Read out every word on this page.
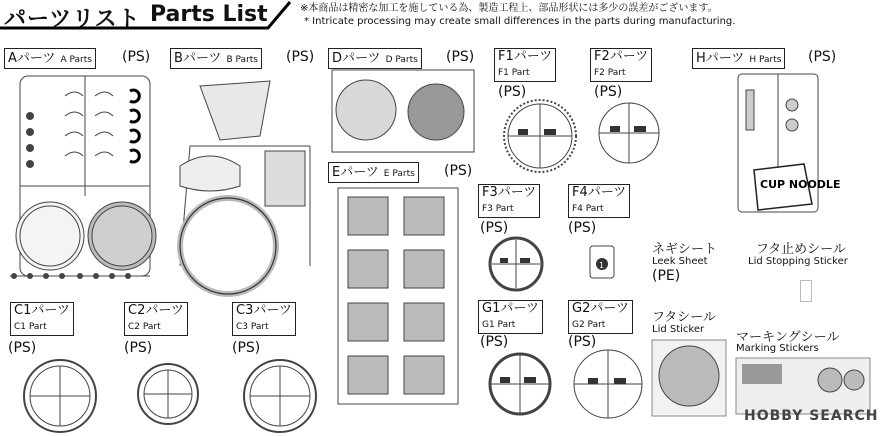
パーツリスト Parts List	※本商品は精密な加工を施している為、製造工程上、部品形状には多少の誤差がございます。
* Intricate processing may create small differences in the parts during manufacturing.
Aパーツ A Parts (PS)	Bパーツ B Parts (PS)	Dパーツ D Parts (PS)
Eパーツ E Parts (PS)
F1パーツ
F1 Part
(PS)
F2パーツ
F2 Part
(PS)
Hパーツ H Parts (PS)
CUP NOODLE
C1パーツ
C1 Part
(PS)
C2パーツ
C2 Part
(PS)
C3パーツ
C3 Part
(PS)
F3パーツ
F3 Part
(PS)
F4パーツ
F4 Part
(PS)
1
G1パーツ
G1 Part
(PS)
G2パーツ
G2 Part
(PS)
ネギシート
Leek Sheet
(PE)
フタ止めシール
Lid Stopping Sticker
フタシール
Lid Sticker
マーキングシール
Marking Stickers
HOBBY SEARCH
